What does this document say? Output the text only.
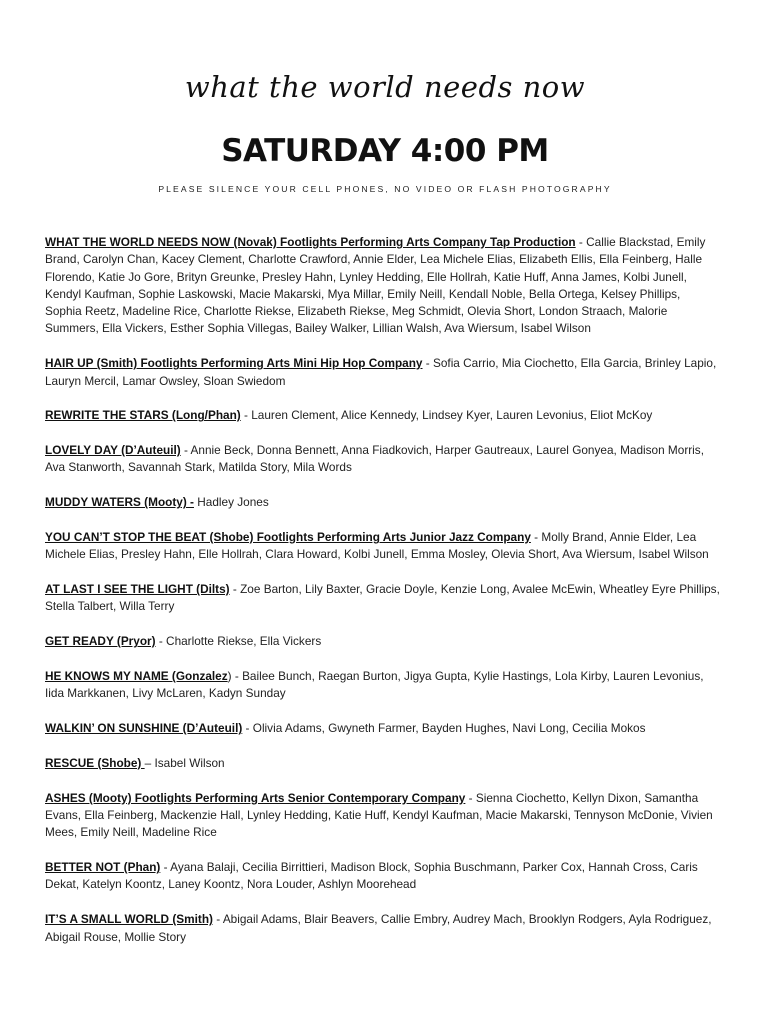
what the world needs now
SATURDAY 4:00 PM
PLEASE SILENCE YOUR CELL PHONES, NO VIDEO OR FLASH PHOTOGRAPHY

WHAT THE WORLD NEEDS NOW (Novak) Footlights Performing Arts Company Tap Production - Callie Blackstad, Emily Brand, Carolyn Chan, Kacey Clement, Charlotte Crawford, Annie Elder, Lea Michele Elias, Elizabeth Ellis, Ella Feinberg, Halle Florendo, Katie Jo Gore, Brityn Greunke, Presley Hahn, Lynley Hedding, Elle Hollrah, Katie Huff, Anna James, Kolbi Junell, Kendyl Kaufman, Sophie Laskowski, Macie Makarski, Mya Millar, Emily Neill, Kendall Noble, Bella Ortega, Kelsey Phillips, Sophia Reetz, Madeline Rice, Charlotte Riekse, Elizabeth Riekse, Meg Schmidt, Olevia Short, London Straach, Malorie Summers, Ella Vickers, Esther Sophia Villegas, Bailey Walker, Lillian Walsh, Ava Wiersum, Isabel Wilson

HAIR UP (Smith) Footlights Performing Arts Mini Hip Hop Company - Sofia Carrio, Mia Ciochetto, Ella Garcia, Brinley Lapio, Lauryn Mercil, Lamar Owsley, Sloan Swiedom

REWRITE THE STARS (Long/Phan) - Lauren Clement, Alice Kennedy, Lindsey Kyer, Lauren Levonius, Eliot McKoy

LOVELY DAY (D’Auteuil) - Annie Beck, Donna Bennett, Anna Fiadkovich, Harper Gautreaux, Laurel Gonyea, Madison Morris, Ava Stanworth, Savannah Stark, Matilda Story, Mila Words

MUDDY WATERS (Mooty) - Hadley Jones

YOU CAN’T STOP THE BEAT (Shobe) Footlights Performing Arts Junior Jazz Company - Molly Brand, Annie Elder, Lea Michele Elias, Presley Hahn, Elle Hollrah, Clara Howard, Kolbi Junell, Emma Mosley, Olevia Short, Ava Wiersum, Isabel Wilson

AT LAST I SEE THE LIGHT (Dilts) - Zoe Barton, Lily Baxter, Gracie Doyle, Kenzie Long, Avalee McEwin, Wheatley Eyre Phillips, Stella Talbert, Willa Terry

GET READY (Pryor) - Charlotte Riekse, Ella Vickers

HE KNOWS MY NAME (Gonzalez) - Bailee Bunch, Raegan Burton, Jigya Gupta, Kylie Hastings, Lola Kirby, Lauren Levonius, Iida Markkanen, Livy McLaren, Kadyn Sunday

WALKIN’ ON SUNSHINE (D’Auteuil) - Olivia Adams, Gwyneth Farmer, Bayden Hughes, Navi Long, Cecilia Mokos

RESCUE (Shobe) – Isabel Wilson

ASHES (Mooty) Footlights Performing Arts Senior Contemporary Company - Sienna Ciochetto, Kellyn Dixon, Samantha Evans, Ella Feinberg, Mackenzie Hall, Lynley Hedding, Katie Huff, Kendyl Kaufman, Macie Makarski, Tennyson McDonie, Vivien Mees, Emily Neill, Madeline Rice

BETTER NOT (Phan) - Ayana Balaji, Cecilia Birrittieri, Madison Block, Sophia Buschmann, Parker Cox, Hannah Cross, Caris Dekat, Katelyn Koontz, Laney Koontz, Nora Louder, Ashlyn Moorehead

IT’S A SMALL WORLD (Smith) - Abigail Adams, Blair Beavers, Callie Embry, Audrey Mach, Brooklyn Rodgers, Ayla Rodriguez, Abigail Rouse, Mollie Story
